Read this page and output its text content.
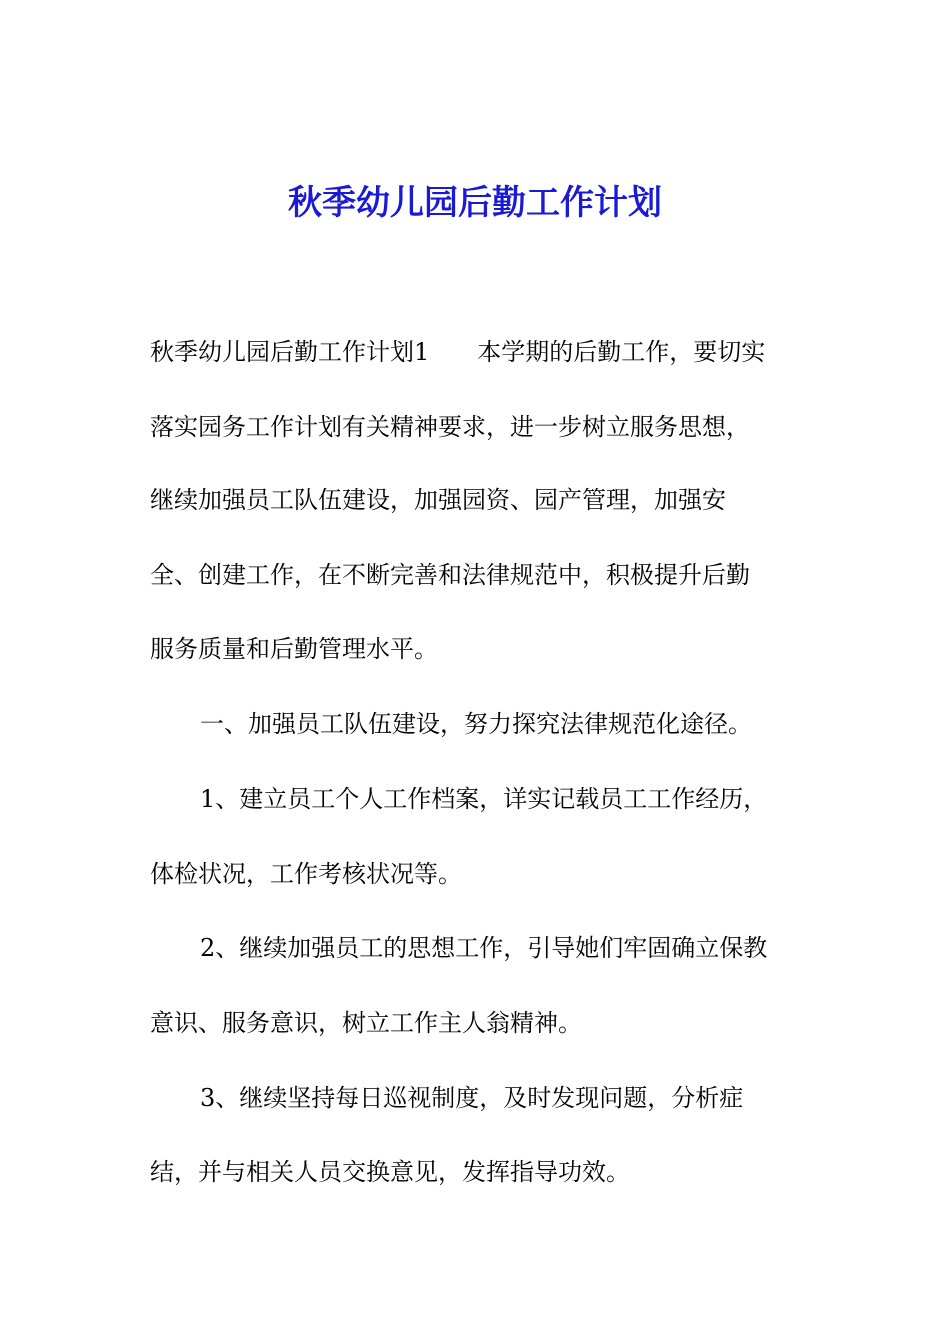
秋季幼儿园后勤工作计划

秋季幼儿园后勤工作计划1　　本学期的后勤工作，要切实

落实园务工作计划有关精神要求，进一步树立服务思想，

继续加强员工队伍建设，加强园资、园产管理，加强安

全、创建工作，在不断完善和法律规范中，积极提升后勤

服务质量和后勤管理水平。

一、加强员工队伍建设，努力探究法律规范化途径。

1、建立员工个人工作档案，详实记载员工工作经历，

体检状况，工作考核状况等。

2、继续加强员工的思想工作，引导她们牢固确立保教

意识、服务意识，树立工作主人翁精神。

3、继续坚持每日巡视制度，及时发现问题，分析症

结，并与相关人员交换意见，发挥指导功效。
